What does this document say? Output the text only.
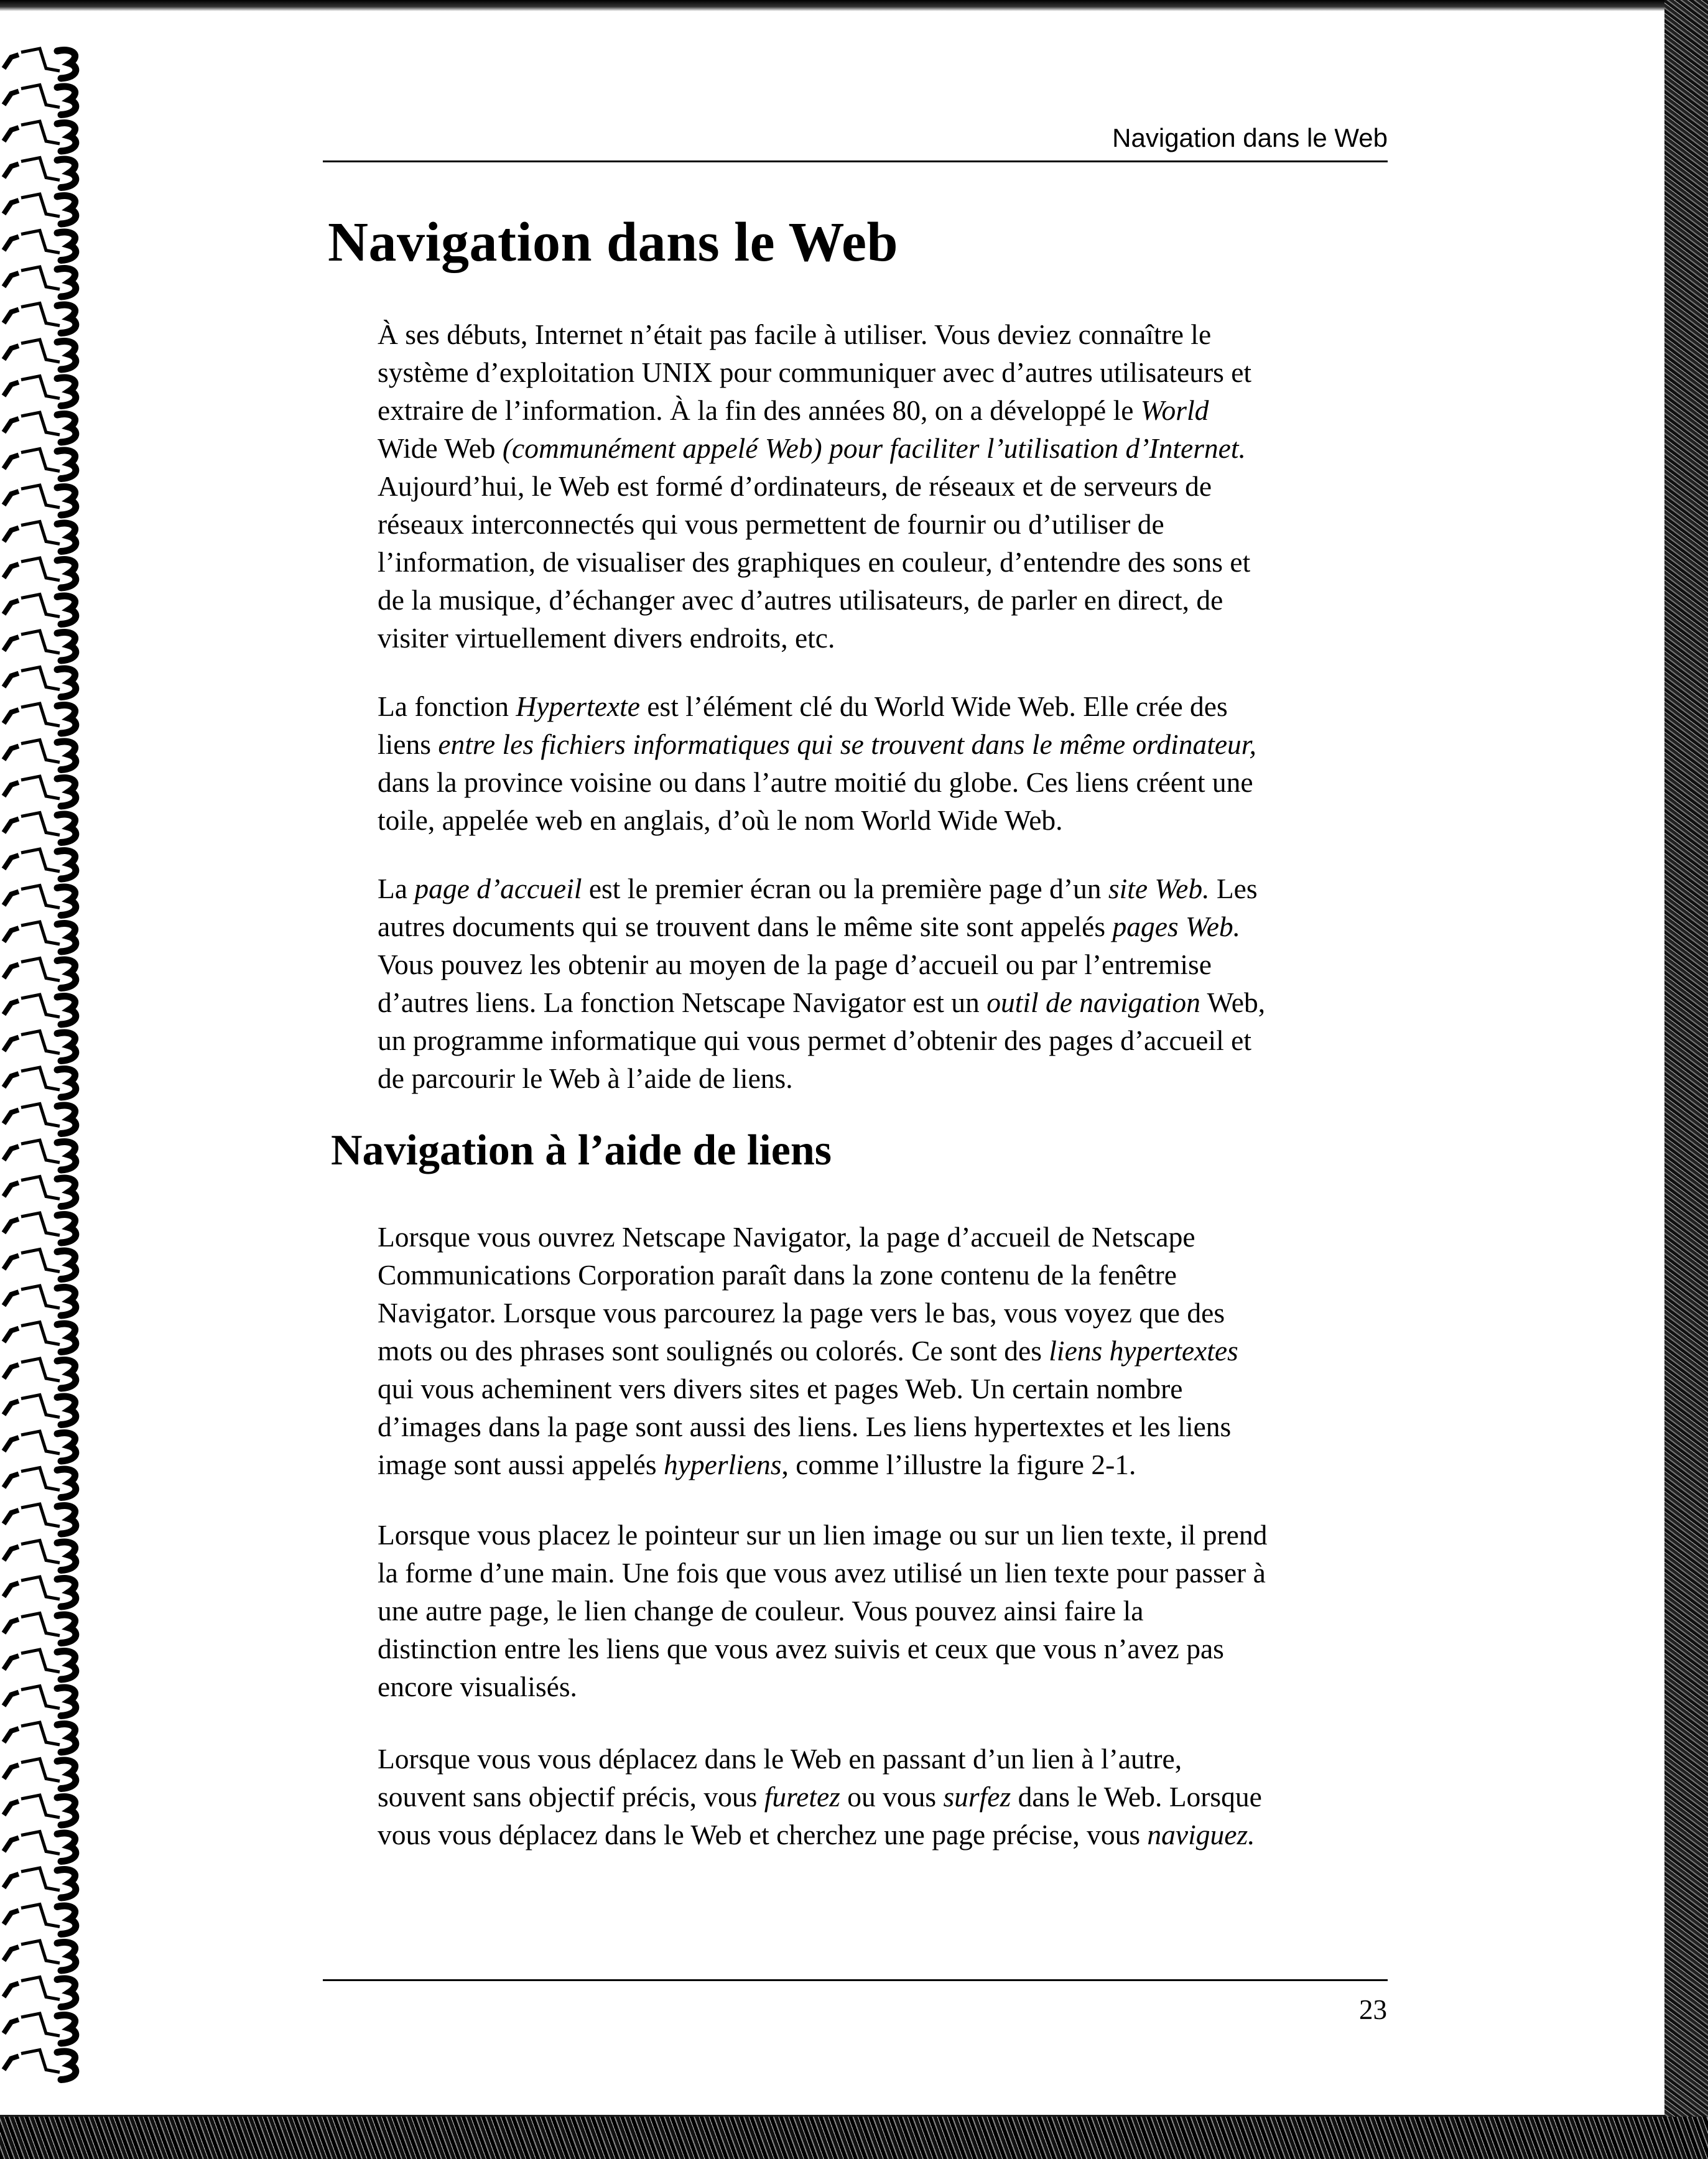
Navigation dans le Web
Navigation dans le Web

À ses débuts, Internet n’était pas facile à utiliser. Vous deviez connaître le
système d’exploitation UNIX pour communiquer avec d’autres utilisateurs et
extraire de l’information. À la fin des années 80, on a développé le World
Wide Web (communément appelé Web) pour faciliter l’utilisation d’Internet.
Aujourd’hui, le Web est formé d’ordinateurs, de réseaux et de serveurs de
réseaux interconnectés qui vous permettent de fournir ou d’utiliser de
l’information, de visualiser des graphiques en couleur, d’entendre des sons et
de la musique, d’échanger avec d’autres utilisateurs, de parler en direct, de
visiter virtuellement divers endroits, etc.

La fonction Hypertexte est l’élément clé du World Wide Web. Elle crée des
liens entre les fichiers informatiques qui se trouvent dans le même ordinateur,
dans la province voisine ou dans l’autre moitié du globe. Ces liens créent une
toile, appelée web en anglais, d’où le nom World Wide Web.

La page d’accueil est le premier écran ou la première page d’un site Web. Les
autres documents qui se trouvent dans le même site sont appelés pages Web.
Vous pouvez les obtenir au moyen de la page d’accueil ou par l’entremise
d’autres liens. La fonction Netscape Navigator est un outil de navigation Web,
un programme informatique qui vous permet d’obtenir des pages d’accueil et
de parcourir le Web à l’aide de liens.

Navigation à l’aide de liens

Lorsque vous ouvrez Netscape Navigator, la page d’accueil de Netscape
Communications Corporation paraît dans la zone contenu de la fenêtre
Navigator. Lorsque vous parcourez la page vers le bas, vous voyez que des
mots ou des phrases sont soulignés ou colorés. Ce sont des liens hypertextes
qui vous acheminent vers divers sites et pages Web. Un certain nombre
d’images dans la page sont aussi des liens. Les liens hypertextes et les liens
image sont aussi appelés hyperliens, comme l’illustre la figure 2-1.

Lorsque vous placez le pointeur sur un lien image ou sur un lien texte, il prend
la forme d’une main. Une fois que vous avez utilisé un lien texte pour passer à
une autre page, le lien change de couleur. Vous pouvez ainsi faire la
distinction entre les liens que vous avez suivis et ceux que vous n’avez pas
encore visualisés.

Lorsque vous vous déplacez dans le Web en passant d’un lien à l’autre,
souvent sans objectif précis, vous furetez ou vous surfez dans le Web. Lorsque
vous vous déplacez dans le Web et cherchez une page précise, vous naviguez.

23
